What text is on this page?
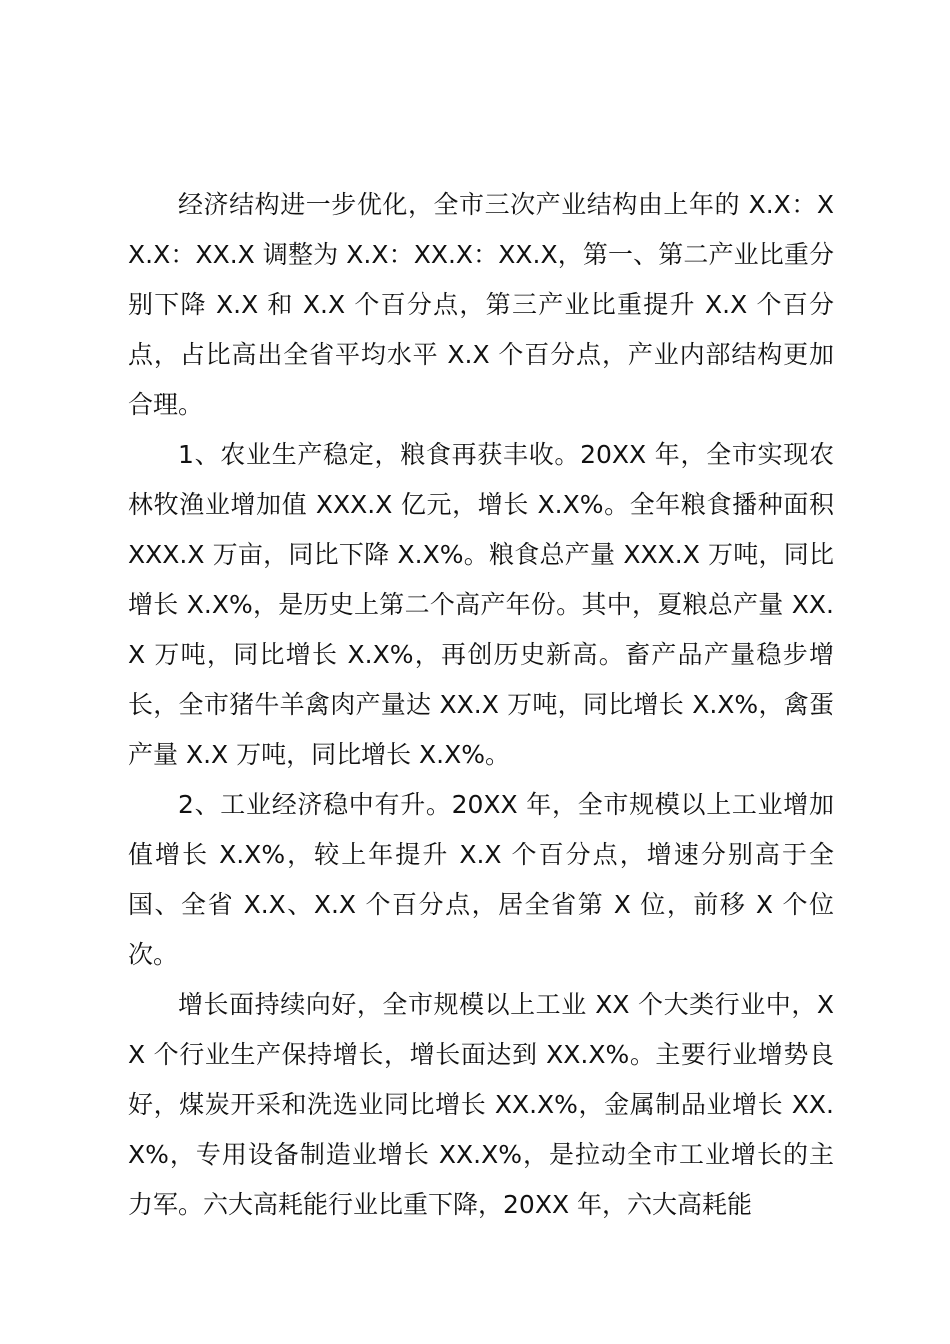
经济结构进一步优化，全市三次产业结构由上年的 X.X：XX.X：XX.X 调整为 X.X：XX.X：XX.X，第一、第二产业比重分别下降 X.X 和 X.X 个百分点，第三产业比重提升 X.X 个百分点，占比高出全省平均水平 X.X 个百分点，产业内部结构更加合理。

1、农业生产稳定，粮食再获丰收。20XX 年，全市实现农林牧渔业增加值 XXX.X 亿元，增长 X.X%。全年粮食播种面积 XXX.X 万亩，同比下降 X.X%。粮食总产量 XXX.X 万吨，同比增长 X.X%，是历史上第二个高产年份。其中，夏粮总产量 XX.X 万吨，同比增长 X.X%，再创历史新高。畜产品产量稳步增长，全市猪牛羊禽肉产量达 XX.X 万吨，同比增长 X.X%，禽蛋产量 X.X 万吨，同比增长 X.X%。

2、工业经济稳中有升。20XX 年，全市规模以上工业增加值增长 X.X%，较上年提升 X.X 个百分点，增速分别高于全国、全省 X.X、X.X 个百分点，居全省第 X 位，前移 X 个位次。

增长面持续向好，全市规模以上工业 XX 个大类行业中，XX 个行业生产保持增长，增长面达到 XX.X%。主要行业增势良好，煤炭开采和洗选业同比增长 XX.X%，金属制品业增长 XX.X%，专用设备制造业增长 XX.X%，是拉动全市工业增长的主力军。六大高耗能行业比重下降，20XX 年，六大高耗能
